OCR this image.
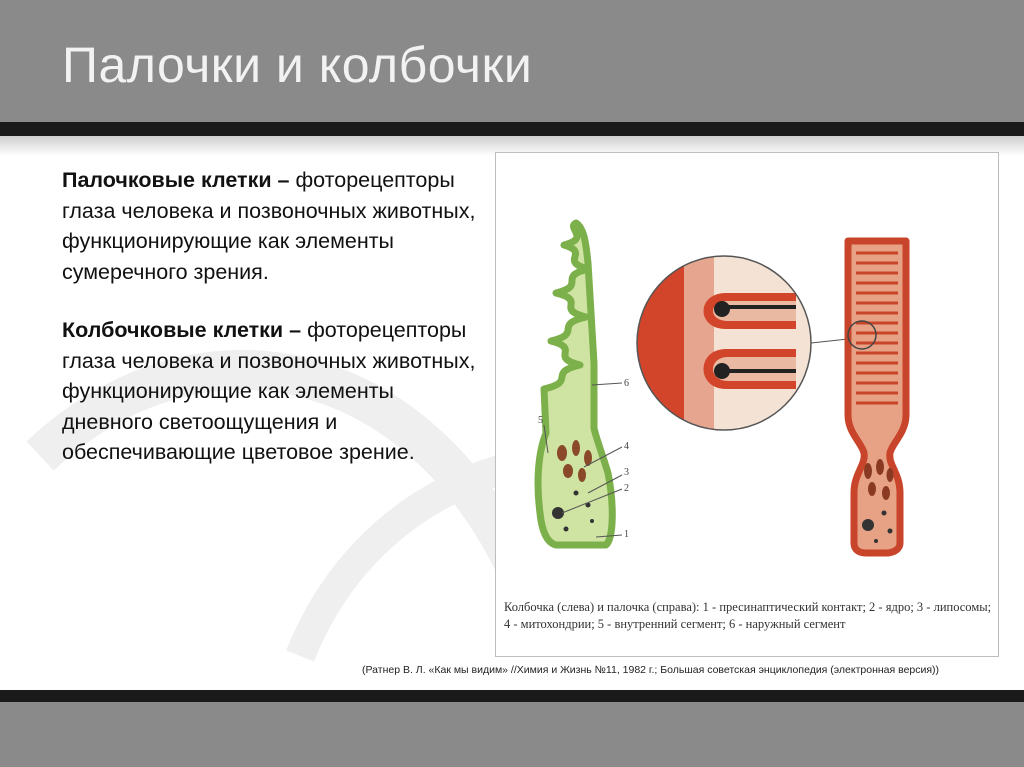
Палочки и колбочки

Палочковые клетки – фоторецепторы глаза человека и позвоночных животных, функционирующие как элементы сумеречного зрения.

Колбочковые клетки – фоторецепторы глаза человека и позвоночных животных, функционирующие как элементы дневного светоощущения и обеспечивающие цветовое зрение.

6
5
4
3
2
1
Колбочка (слева) и палочка (справа): 1 - пресинаптический контакт; 2 - ядро; 3 - липосомы; 4 - митохондрии; 5 - внутренний сегмент; 6 - наружный сегмент
(Ратнер В. Л. «Как мы видим» //Химия и Жизнь №11, 1982 г.; Большая советская энциклопедия (электронная версия))
